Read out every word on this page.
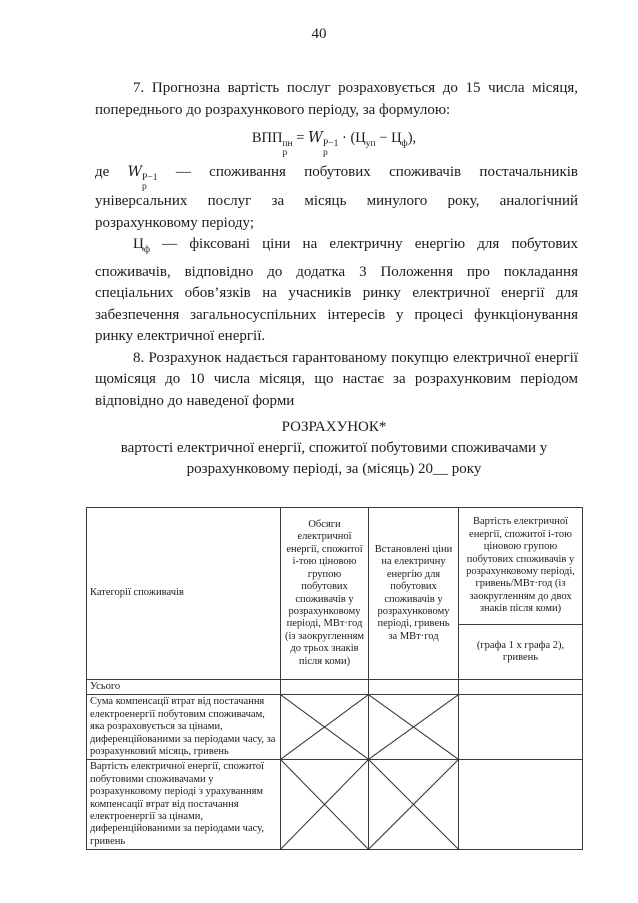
40

7. Прогнозна вартість послуг розраховується до 15 числа місяця, попереднього до розрахункового періоду, за формулою:

ВПП пн
р
= W Р−1
р
· $(Ц_{уп} - Ц_ф)$,

де W Р−1
р
— споживання побутових споживачів постачальників універсальних послуг за місяць минулого року, аналогічний розрахунковому періоду;

$Ц_ф$ — фіксовані ціни на електричну енергію для побутових споживачів, відповідно до додатка 3 Положення про покладання спеціальних обов’язків на учасників ринку електричної енергії для забезпечення загальносуспільних інтересів у процесі функціонування ринку електричної енергії.

8. Розрахунок надається гарантованому покупцю електричної енергії щомісяця до 10 числа місяця, що настає за розрахунковим періодом відповідно до наведеної форми

РОЗРАХУНОК*
вартості електричної енергії, спожитої побутовими споживачами у розрахунковому періоді, за (місяць) 20__ року
Категорії споживачів	Обсяги електричної енергії, спожитої і-тою ціновою групою побутових споживачів у розрахунковому періоді, МВт·год (із заокругленням до трьох знаків після коми)	Встановлені ціни на електричну енергію для побутових споживачів у розрахунковому періоді, гривень за МВт·год	Вартість електричної енергії, спожитої і-тою ціновою групою побутових споживачів у розрахунковому періоді, гривень/МВт·год (із заокругленням до двох знаків після коми)
			(графа 1 х графа 2), гривень
Усього			
Сума компенсації втрат від постачання електроенергії побутовим споживачам, яка розраховується за цінами, диференційованими за періодами часу, за розрахунковий місяць, гривень	

Вартість електричної енергії, спожитої побутовими споживачами у розрахунковому періоді з урахуванням компенсації втрат від постачання електроенергії за цінами, диференційованими за періодами часу, гривень	
